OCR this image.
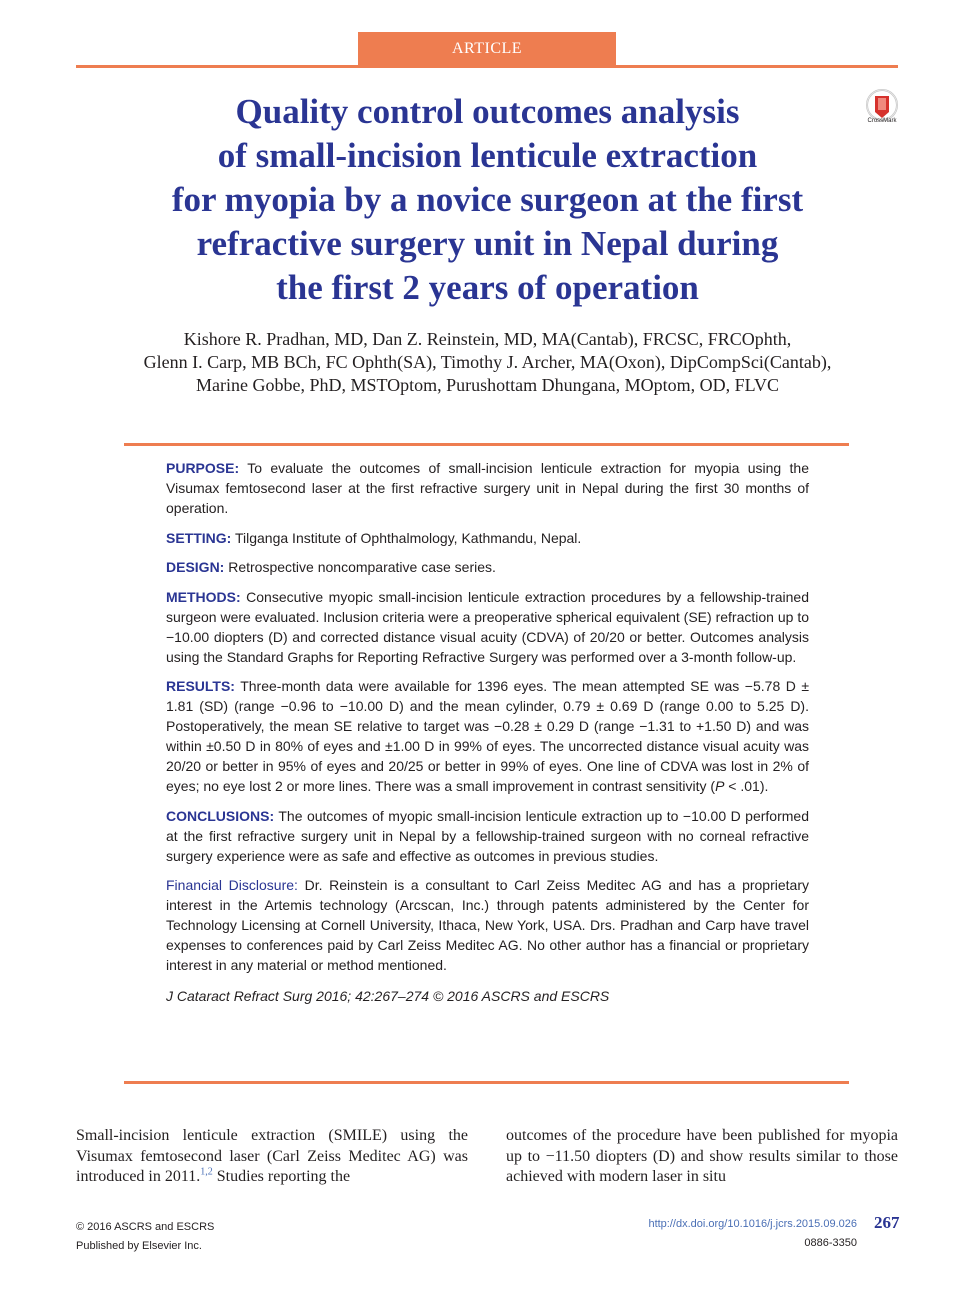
ARTICLE
Quality control outcomes analysis
of small-incision lenticule extraction
for myopia by a novice surgeon at the first
refractive surgery unit in Nepal during
the first 2 years of operation
CrossMark
Kishore R. Pradhan, MD, Dan Z. Reinstein, MD, MA(Cantab), FRCSC, FRCOphth,
Glenn I. Carp, MB BCh, FC Ophth(SA), Timothy J. Archer, MA(Oxon), DipCompSci(Cantab),
Marine Gobbe, PhD, MSTOptom, Purushottam Dhungana, MOptom, OD, FLVC

PURPOSE: To evaluate the outcomes of small-incision lenticule extraction for myopia using the Visumax femtosecond laser at the first refractive surgery unit in Nepal during the first 30 months of operation.

SETTING: Tilganga Institute of Ophthalmology, Kathmandu, Nepal.

DESIGN: Retrospective noncomparative case series.

METHODS: Consecutive myopic small-incision lenticule extraction procedures by a fellowship-trained surgeon were evaluated. Inclusion criteria were a preoperative spherical equivalent (SE) refraction up to −10.00 diopters (D) and corrected distance visual acuity (CDVA) of 20/20 or better. Outcomes analysis using the Standard Graphs for Reporting Refractive Surgery was performed over a 3-month follow-up.

RESULTS: Three-month data were available for 1396 eyes. The mean attempted SE was −5.78 D ± 1.81 (SD) (range −0.96 to −10.00 D) and the mean cylinder, 0.79 ± 0.69 D (range 0.00 to 5.25 D). Postoperatively, the mean SE relative to target was −0.28 ± 0.29 D (range −1.31 to +1.50 D) and was within ±0.50 D in 80% of eyes and ±1.00 D in 99% of eyes. The uncorrected distance visual acuity was 20/20 or better in 95% of eyes and 20/25 or better in 99% of eyes. One line of CDVA was lost in 2% of eyes; no eye lost 2 or more lines. There was a small improvement in contrast sensitivity (P < .01).

CONCLUSIONS: The outcomes of myopic small-incision lenticule extraction up to −10.00 D performed at the first refractive surgery unit in Nepal by a fellowship-trained surgeon with no corneal refractive surgery experience were as safe and effective as outcomes in previous studies.

Financial Disclosure: Dr. Reinstein is a consultant to Carl Zeiss Meditec AG and has a proprietary interest in the Artemis technology (Arcscan, Inc.) through patents administered by the Center for Technology Licensing at Cornell University, Ithaca, New York, USA. Drs. Pradhan and Carp have travel expenses to conferences paid by Carl Zeiss Meditec AG. No other author has a financial or proprietary interest in any material or method mentioned.

J Cataract Refract Surg 2016; 42:267–274 © 2016 ASCRS and ESCRS

Small-incision lenticule extraction (SMILE) using the Visumax femtosecond laser (Carl Zeiss Meditec AG) was introduced in 2011.$^{1,2}$ Studies reporting the

outcomes of the procedure have been published for myopia up to −11.50 diopters (D) and show results similar to those achieved with modern laser in situ

© 2016 ASCRS and ESCRS
Published by Elsevier Inc.
http://dx.doi.org/10.1016/j.jcrs.2015.09.026 267
0886-3350
